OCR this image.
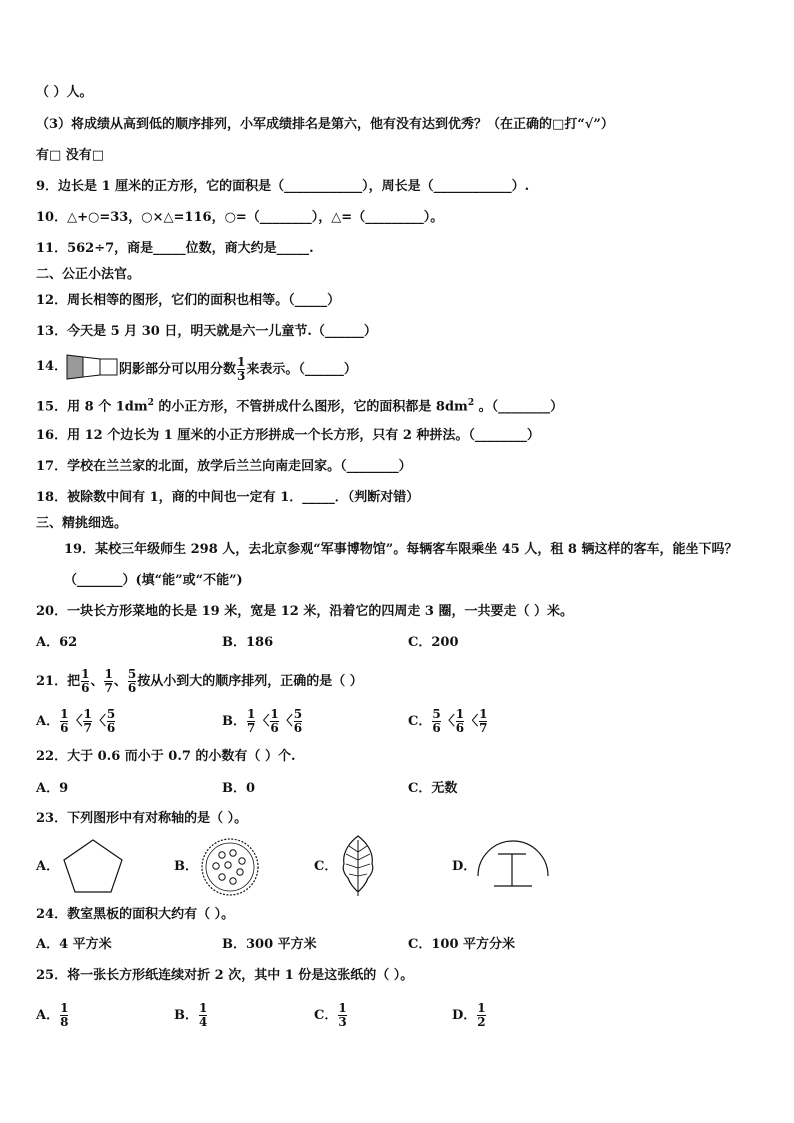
（ ）人。
（3）将成绩从高到低的顺序排列，小军成绩排名是第六，他有没有达到优秀？（在正确的□打“√”）
有□ 没有□
9．边长是 1 厘米的正方形，它的面积是（____________），周长是（____________）.
10．△+○=33，○×△=116，○=（________），△=（_________）。
11．562÷7，商是_____位数，商大约是_____.
二、公正小法官。
12．周长相等的图形，它们的面积也相等。（_____）
13．今天是 5 月 30 日，明天就是六一儿童节.（______）
14．	阴影部分可以用分数 $\frac{1}{3}$ 来表示。（______）
15．用 8 个 $1dm^2$ 的小正方形，不管拼成什么图形，它的面积都是 $8dm^2$ 。（________）
16．用 12 个边长为 1 厘米的小正方形拼成一个长方形，只有 2 种拼法。（________）
17．学校在兰兰家的北面，放学后兰兰向南走回家。（________）
18．被除数中间有 1，商的中间也一定有 1．_____．（判断对错）
三、精挑细选。
19．某校三年级师生 298 人，去北京参观“军事博物馆”。每辆客车限乘坐 45 人，租 8 辆这样的客车，能坐下吗？
（_______）(填“能”或“不能”)
20．一块长方形菜地的长是 19 米，宽是 12 米，沿着它的四周走 3 圈，一共要走（ ）米。
A．62	B．186	C．200
21．把 $\frac{1}{6}$ 、 $\frac{1}{7}$ 、 $\frac{5}{6}$ 按从小到大的顺序排列，正确的是（ ）
A． $\frac{1}{6}$ 〈 $\frac{1}{7}$ 〈 $\frac{5}{6}$	B． $\frac{1}{7}$ 〈 $\frac{1}{6}$ 〈 $\frac{5}{6}$	C． $\frac{5}{6}$ 〈 $\frac{1}{6}$ 〈 $\frac{1}{7}$
22．大于 0.6 而小于 0.7 的小数有（ ）个.
A．9	B．0	C．无数
23．下列图形中有对称轴的是（ ）。
A．	B．	C．	D．
24．教室黑板的面积大约有（ ）。
A．4 平方米	B．300 平方米	C．100 平方分米
25．将一张长方形纸连续对折 2 次，其中 1 份是这张纸的（ ）。
A． $\frac{1}{8}$	B． $\frac{1}{4}$	C． $\frac{1}{3}$	D． $\frac{1}{2}$
